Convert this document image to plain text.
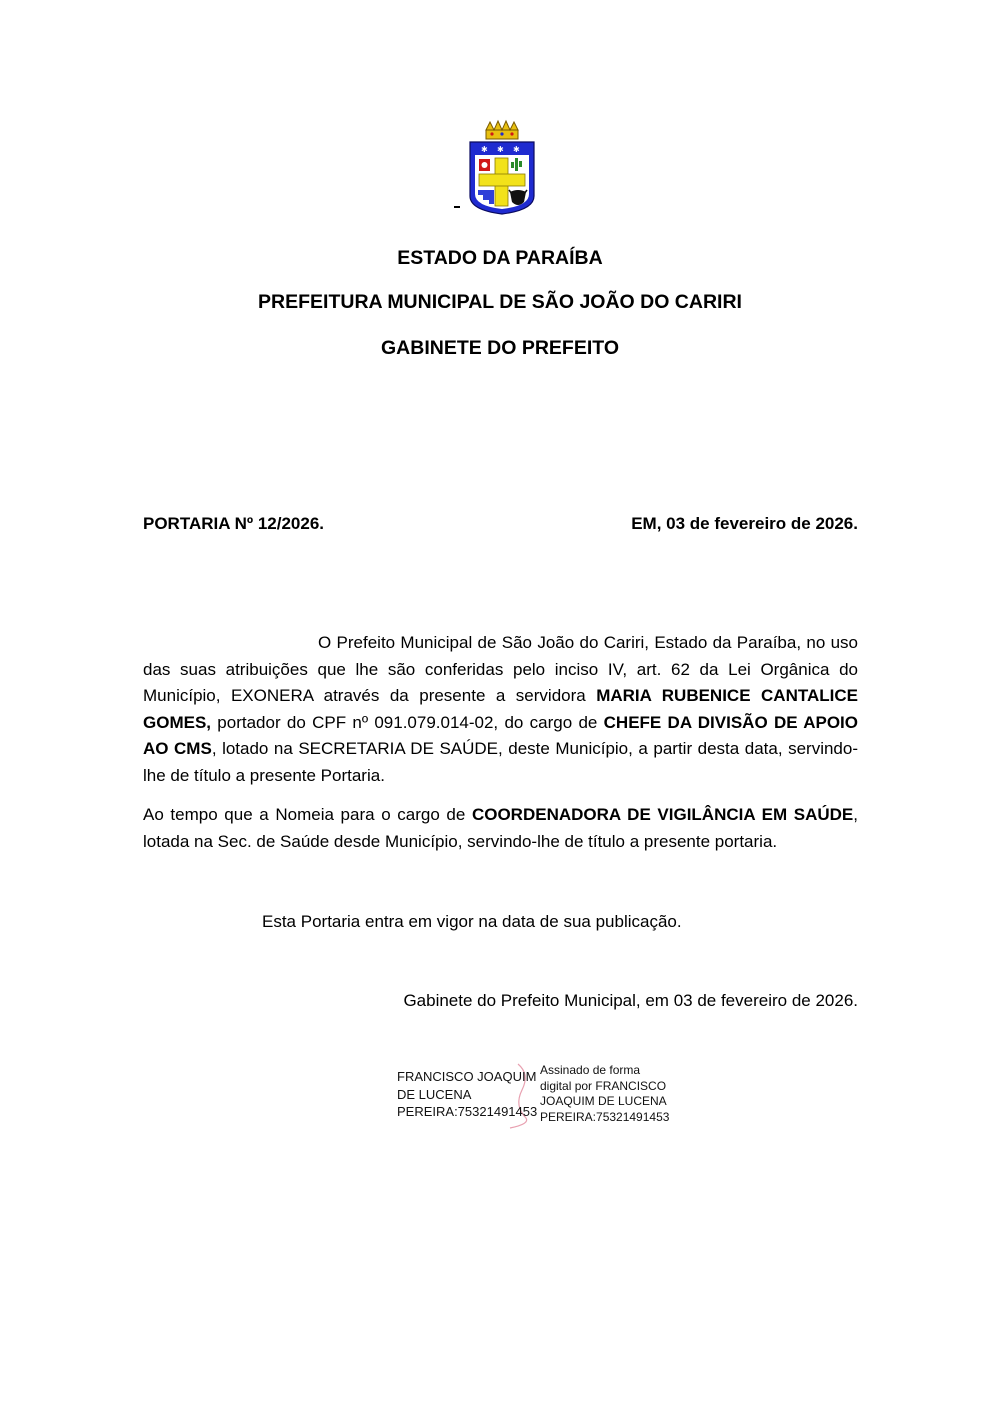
✱ ✱ ✱
ESTADO DA PARAÍBA
PREFEITURA MUNICIPAL DE SÃO JOÃO DO CARIRI
GABINETE DO PREFEITO
PORTARIA Nº 12/2026.	EM, 03 de fevereiro de 2026.
O Prefeito Municipal de São João do Cariri, Estado da Paraíba, no uso das suas atribuições que lhe são conferidas pelo inciso IV, art. 62 da Lei Orgânica do Município, EXONERA através da presente a servidora MARIA RUBENICE CANTALICE GOMES, portador do CPF nº 091.079.014-02, do cargo de CHEFE DA DIVISÃO DE APOIO AO CMS, lotado na SECRETARIA DE SAÚDE, deste Município, a partir desta data, servindo-lhe de título a presente Portaria.
Ao tempo que a Nomeia para o cargo de COORDENADORA DE VIGILÂNCIA EM SAÚDE, lotada na Sec. de Saúde desde Município, servindo-lhe de título a presente portaria.
Esta Portaria entra em vigor na data de sua publicação.
Gabinete do Prefeito Municipal, em 03 de fevereiro de 2026.
FRANCISCO JOAQUIM
DE LUCENA
PEREIRA:75321491453
Assinado de forma
digital por FRANCISCO
JOAQUIM DE LUCENA
PEREIRA:75321491453
